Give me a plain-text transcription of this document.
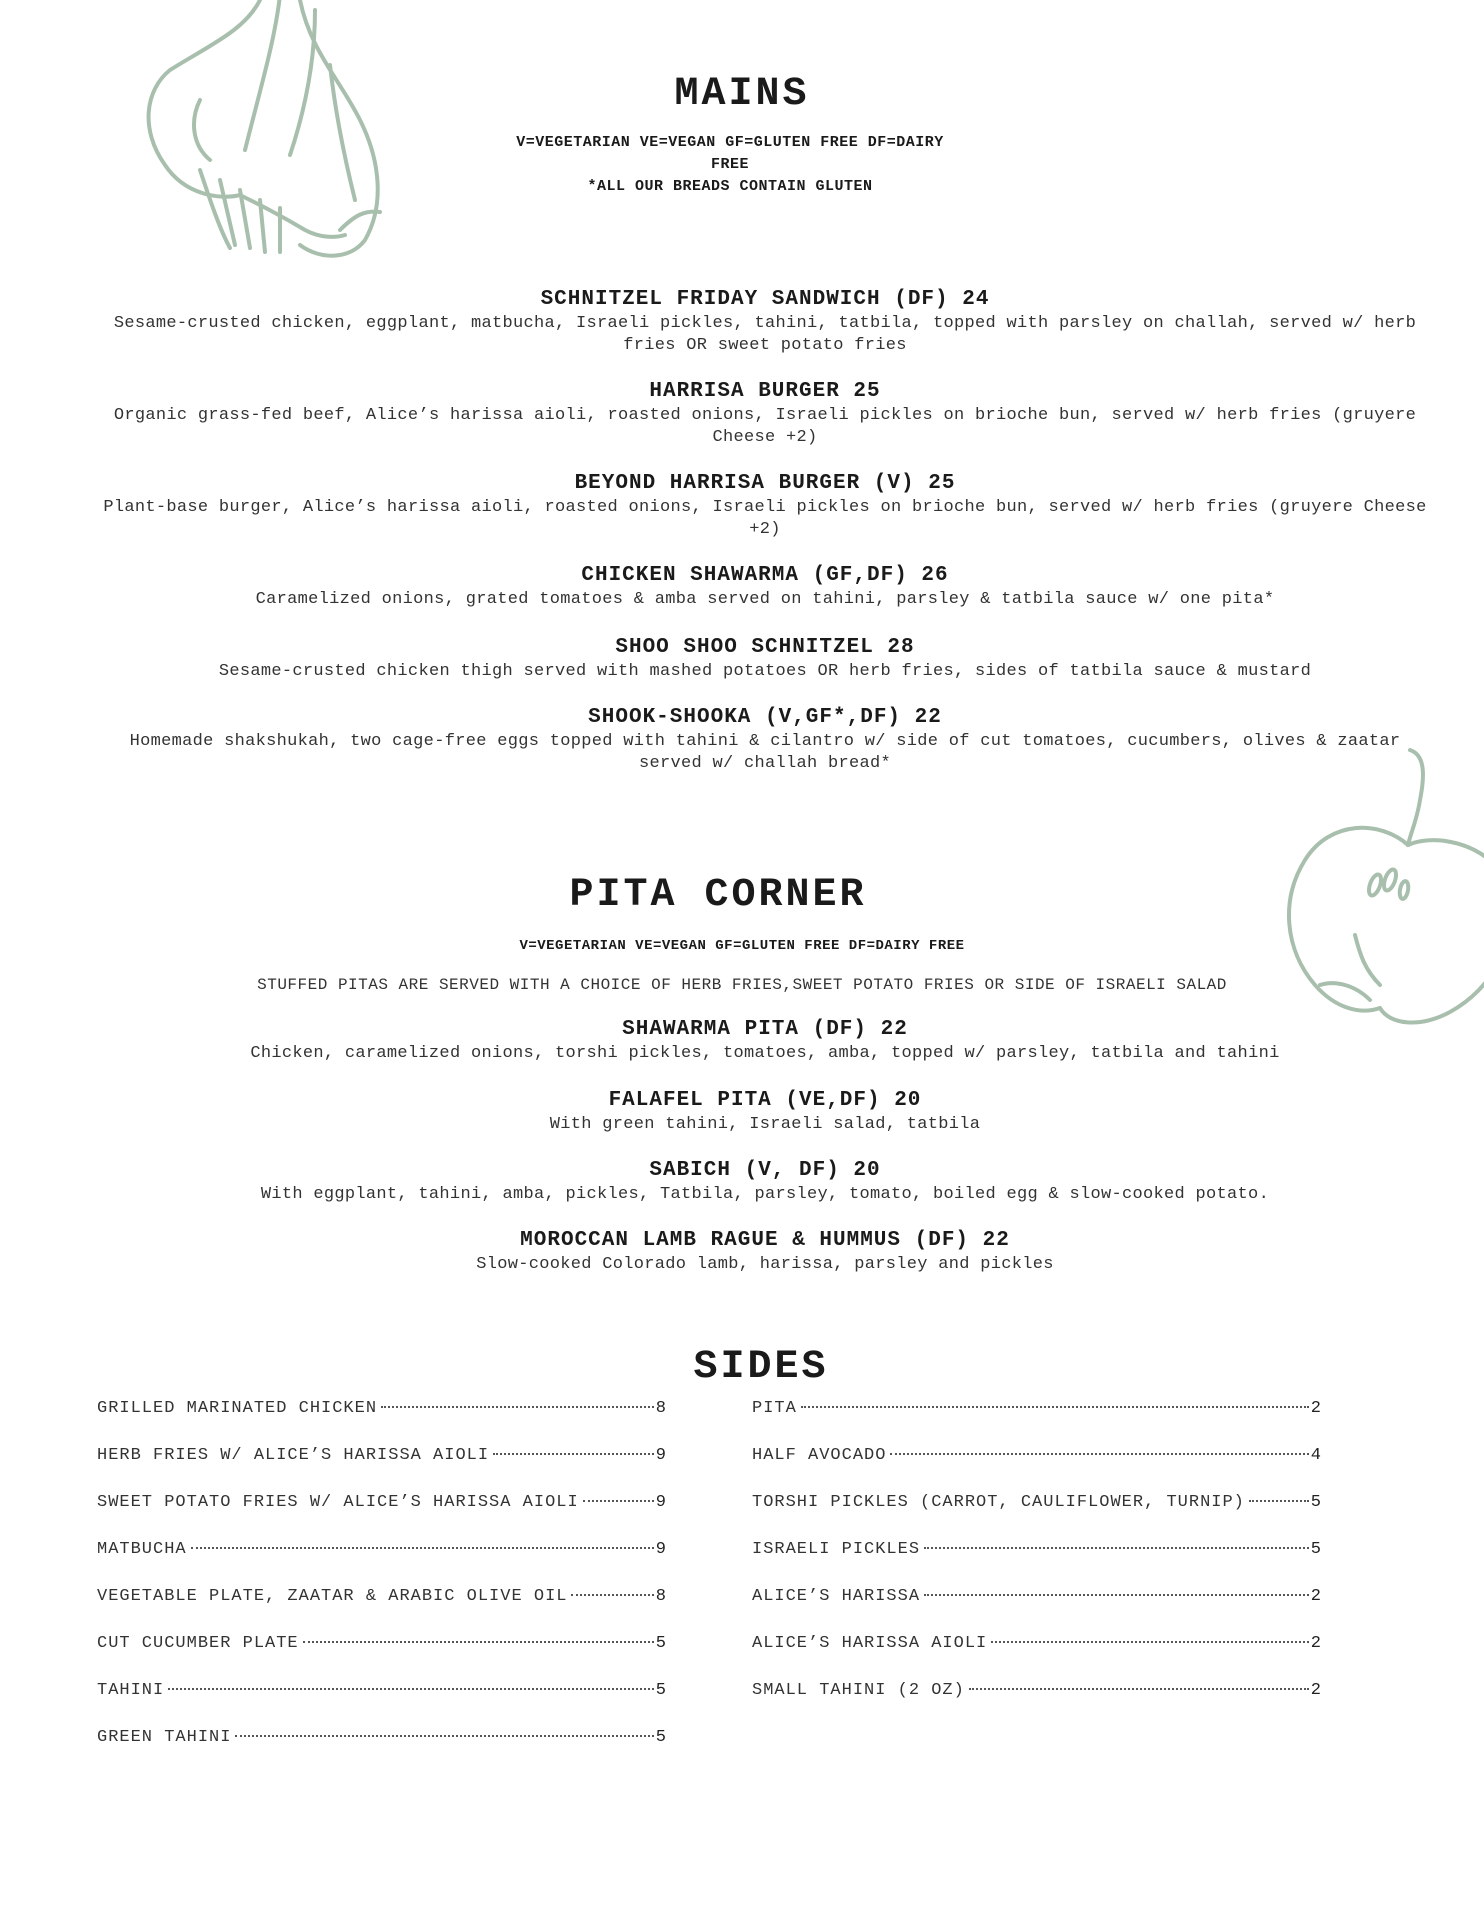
MAINS
V=VEGETARIAN VE=VEGAN GF=GLUTEN FREE DF=DAIRY
FREE
*ALL OUR BREADS CONTAIN GLUTEN
SCHNITZEL FRIDAY SANDWICH (DF) 24
Sesame-crusted chicken, eggplant, matbucha, Israeli pickles, tahini, tatbila, topped with parsley on challah, served w/ herb fries OR sweet potato fries
HARRISA BURGER 25
Organic grass-fed beef, Alice’s harissa aioli, roasted onions, Israeli pickles on brioche bun, served w/ herb fries (gruyere Cheese +2)
BEYOND HARRISA BURGER (V) 25
Plant-base burger, Alice’s harissa aioli, roasted onions, Israeli pickles on brioche bun, served w/ herb fries (gruyere Cheese +2)
CHICKEN SHAWARMA (GF,DF) 26
Caramelized onions, grated tomatoes & amba served on tahini, parsley & tatbila sauce w/ one pita*
SHOO SHOO SCHNITZEL 28
Sesame-crusted chicken thigh served with mashed potatoes OR herb fries, sides of tatbila sauce & mustard
SHOOK-SHOOKA (V,GF*,DF) 22
Homemade shakshukah, two cage-free eggs topped with tahini & cilantro w/ side of cut tomatoes, cucumbers, olives & zaatar served w/ challah bread*
PITA CORNER
V=VEGETARIAN VE=VEGAN GF=GLUTEN FREE DF=DAIRY FREE
STUFFED PITAS ARE SERVED WITH A CHOICE OF HERB FRIES,SWEET POTATO FRIES OR SIDE OF ISRAELI SALAD
SHAWARMA PITA (DF) 22
Chicken, caramelized onions, torshi pickles, tomatoes, amba, topped w/ parsley, tatbila and tahini
FALAFEL PITA (VE,DF) 20
With green tahini, Israeli salad, tatbila
SABICH (V, DF) 20
With eggplant, tahini, amba, pickles, Tatbila, parsley, tomato, boiled egg & slow-cooked potato.
MOROCCAN LAMB RAGUE & HUMMUS (DF) 22
Slow-cooked Colorado lamb, harissa, parsley and pickles
SIDES
GRILLED MARINATED CHICKEN	8
HERB FRIES W/ ALICE’S HARISSA AIOLI	9
SWEET POTATO FRIES W/ ALICE’S HARISSA AIOLI	9
MATBUCHA	9
VEGETABLE PLATE, ZAATAR & ARABIC OLIVE OIL	8
CUT CUCUMBER PLATE	5
TAHINI	5
GREEN TAHINI	5
PITA	2
HALF AVOCADO	4
TORSHI PICKLES (CARROT, CAULIFLOWER, TURNIP)	5
ISRAELI PICKLES	5
ALICE’S HARISSA	2
ALICE’S HARISSA AIOLI	2
SMALL TAHINI (2 OZ)	2
